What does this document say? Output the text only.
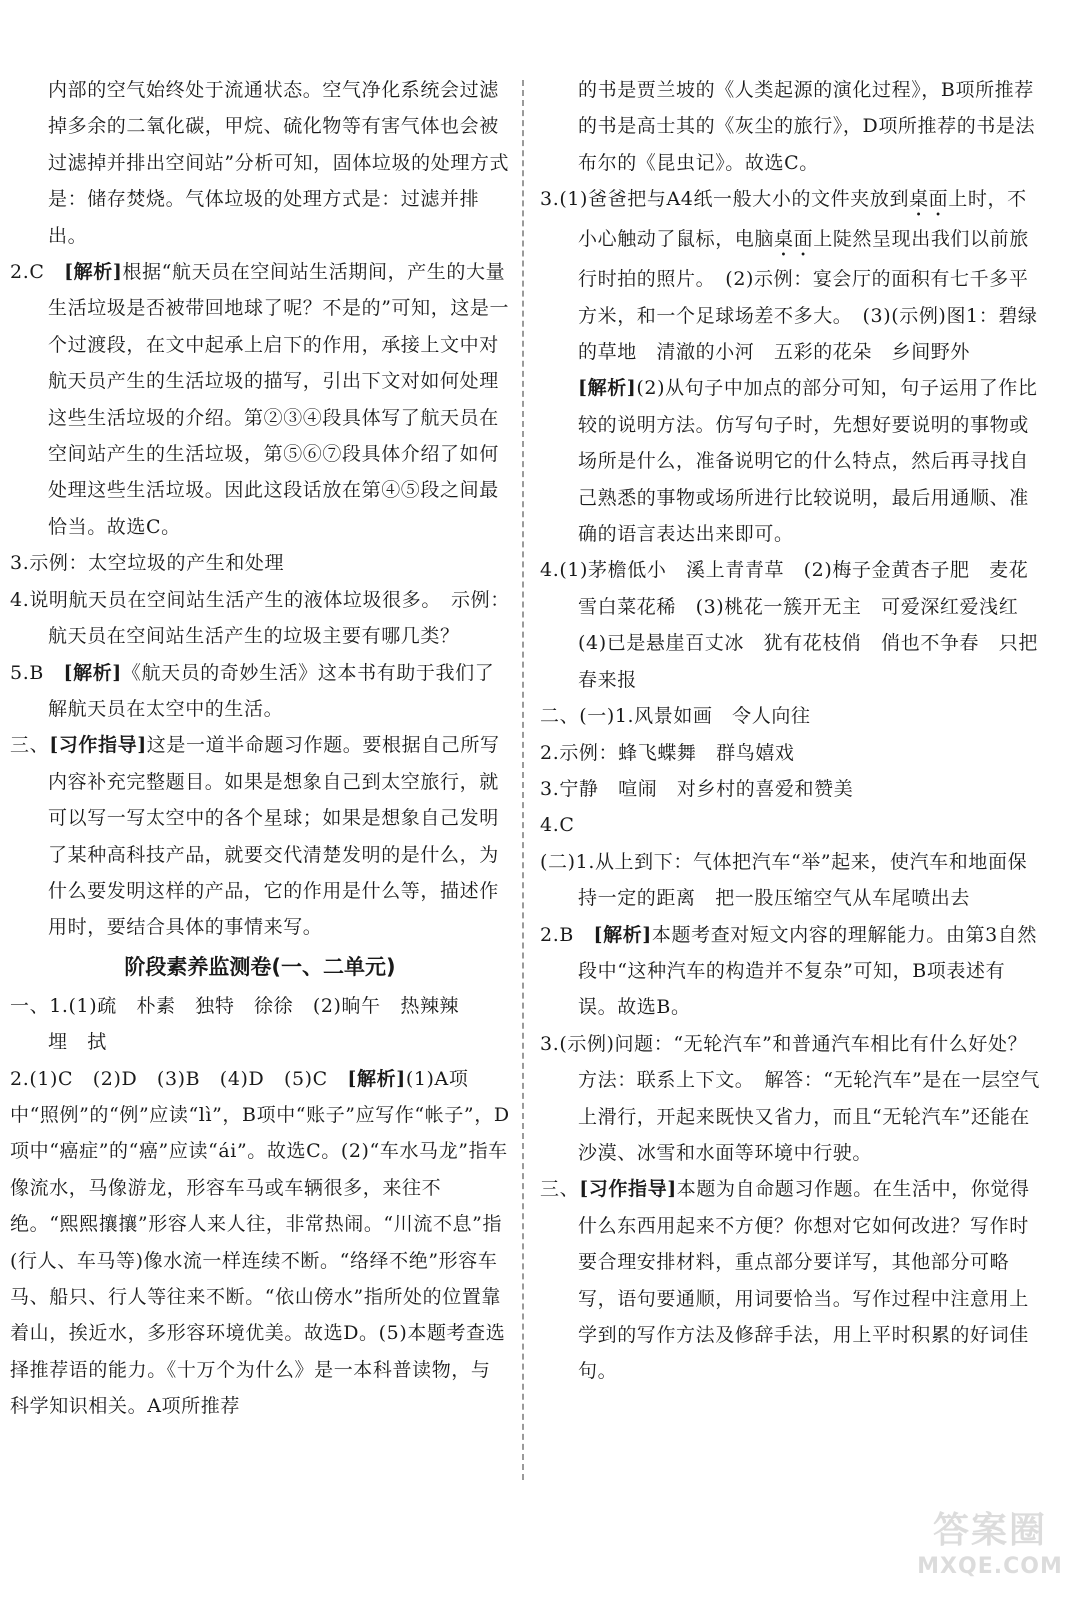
内部的空气始终处于流通状态。空气净化系统会过滤掉多余的二氧化碳，甲烷、硫化物等有害气体也会被过滤掉并排出空间站”分析可知，固体垃圾的处理方式是：储存焚烧。气体垃圾的处理方式是：过滤并排出。

2.C　 [解析]根据“航天员在空间站生活期间，产生的大量生活垃圾是否被带回地球了呢？不是的”可知，这是一个过渡段，在文中起承上启下的作用，承接上文中对航天员产生的生活垃圾的描写，引出下文对如何处理这些生活垃圾的介绍。第②③④段具体写了航天员在空间站产生的生活垃圾，第⑤⑥⑦段具体介绍了如何处理这些生活垃圾。因此这段话放在第④⑤段之间最恰当。故选C。

3.示例：太空垃圾的产生和处理

4.说明航天员在空间站生活产生的液体垃圾很多。　示例：航天员在空间站生活产生的垃圾主要有哪几类？

5.B　 [解析]《航天员的奇妙生活》这本书有助于我们了解航天员在太空中的生活。

三、[习作指导]这是一道半命题习作题。要根据自己所写内容补充完整题目。如果是想象自己到太空旅行，就可以写一写太空中的各个星球；如果是想象自己发明了某种高科技产品，就要交代清楚发明的是什么，为什么要发明这样的产品，它的作用是什么等，描述作用时，要结合具体的事情来写。

阶段素养监测卷(一、二单元)

一、1.(1)疏　朴素　独特　徐徐　(2)晌午　热辣辣

埋　拭

2.(1)C　(2)D　(3)B　(4)D　(5)C　 [解析](1)A项中“照例”的“例”应读“lì”，B项中“账子”应写作“帐子”，D项中“癌症”的“癌”应读“ái”。故选C。(2)“车水马龙”指车像流水，马像游龙，形容车马或车辆很多，来往不绝。“熙熙攘攘”形容人来人往，非常热闹。“川流不息”指(行人、车马等)像水流一样连续不断。“络绎不绝”形容车马、船只、行人等往来不断。“依山傍水”指所处的位置靠着山，挨近水，多形容环境优美。故选D。(5)本题考查选择推荐语的能力。《十万个为什么》是一本科普读物，与科学知识相关。A项所推荐

的书是贾兰坡的《人类起源的演化过程》，B项所推荐的书是高士其的《灰尘的旅行》，D项所推荐的书是法布尔的《昆虫记》。故选C。

3.(1)爸爸把与A4纸一般大小的文件夹放到桌面上时，不小心触动了鼠标，电脑桌面上陡然呈现出我们以前旅行时拍的照片。　(2)示例：宴会厅的面积有七千多平方米，和一个足球场差不多大。　(3)(示例)图1：碧绿的草地　清澈的小河　五彩的花朵　乡间野外
[解析](2)从句子中加点的部分可知，句子运用了作比较的说明方法。仿写句子时，先想好要说明的事物或场所是什么，准备说明它的什么特点，然后再寻找自己熟悉的事物或场所进行比较说明，最后用通顺、准确的语言表达出来即可。

4.(1)茅檐低小　溪上青青草　(2)梅子金黄杏子肥　麦花雪白菜花稀　(3)桃花一簇开无主　可爱深红爱浅红　(4)已是悬崖百丈冰　犹有花枝俏　俏也不争春　只把春来报

二、(一)1.风景如画　令人向往

2.示例：蜂飞蝶舞　群鸟嬉戏

3.宁静　喧闹　对乡村的喜爱和赞美

4.C

(二)1.从上到下：气体把汽车“举”起来，使汽车和地面保持一定的距离　把一股压缩空气从车尾喷出去

2.B　 [解析]本题考查对短文内容的理解能力。由第3自然段中“这种汽车的构造并不复杂”可知，B项表述有误。故选B。

3.(示例)问题：“无轮汽车”和普通汽车相比有什么好处？方法：联系上下文。　解答：“无轮汽车”是在一层空气上滑行，开起来既快又省力，而且“无轮汽车”还能在沙漠、冰雪和水面等环境中行驶。

三、[习作指导]本题为自命题习作题。在生活中，你觉得什么东西用起来不方便？你想对它如何改进？写作时要合理安排材料，重点部分要详写，其他部分可略写，语句要通顺，用词要恰当。写作过程中注意用上学到的写作方法及修辞手法，用上平时积累的好词佳句。

答案圈
MXQE.COM
